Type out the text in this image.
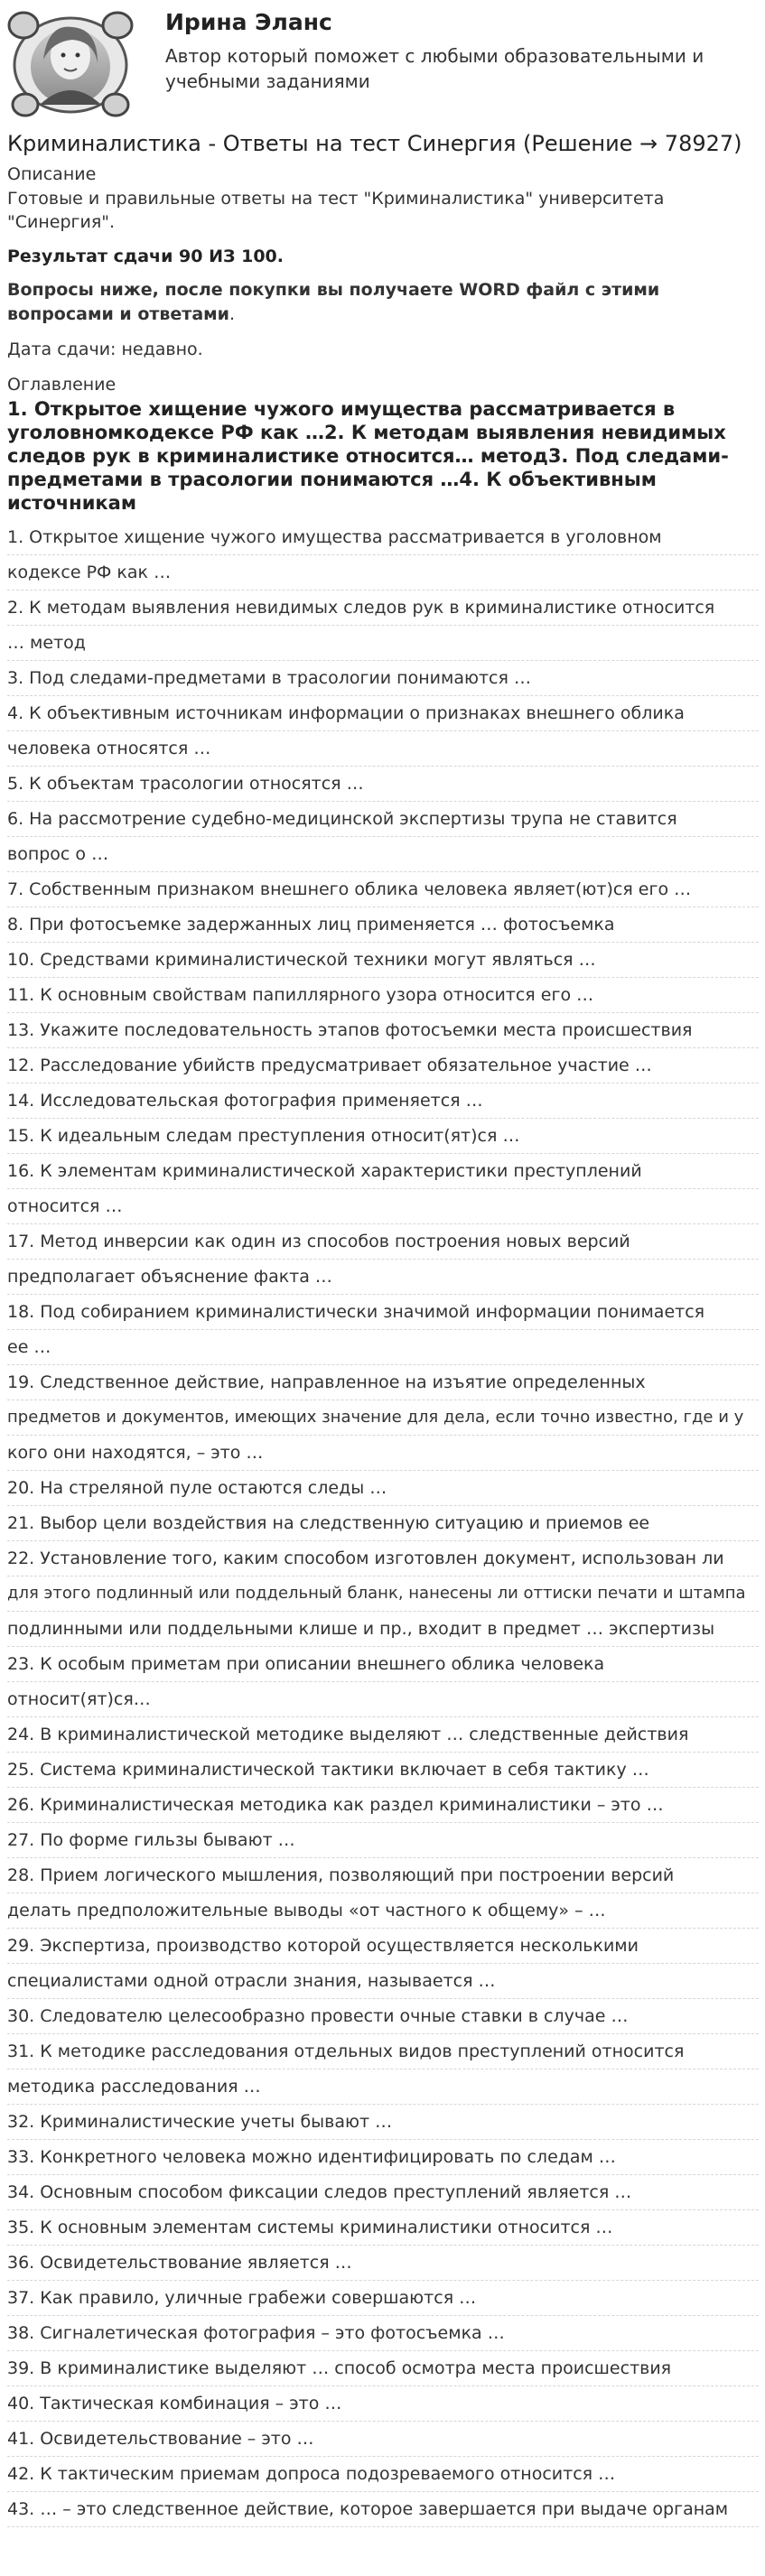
Ирина Эланс
Автор который поможет с любыми образовательными и учебными заданиями
Криминалистика - Ответы на тест Синергия (Решение → 78927)
Описание
Готовые и правильные ответы на тест "Криминалистика" университета "Синергия".
Результат сдачи 90 ИЗ 100.
Вопросы ниже, после покупки вы получаете WORD файл с этими вопросами и ответами.
Дата сдачи: недавно.
Оглавление
1. Открытое хищение чужого имущества рассматривается в уголовномкодексе РФ как …2. К методам выявления невидимых следов рук в криминалистике относится… метод3. Под следами-предметами в трасологии понимаются …4. К объективным источникам
1. Открытое хищение чужого имущества рассматривается в уголовном
кодексе РФ как …
2. К методам выявления невидимых следов рук в криминалистике относится
… метод
3. Под следами-предметами в трасологии понимаются …
4. К объективным источникам информации о признаках внешнего облика
человека относятся …
5. К объектам трасологии относятся …
6. На рассмотрение судебно-медицинской экспертизы трупа не ставится
вопрос о …
7. Собственным признаком внешнего облика человека являет(ют)ся его …
8. При фотосъемке задержанных лиц применяется … фотосъемка
10. Средствами криминалистической техники могут являться …
11. К основным свойствам папиллярного узора относится его …
13. Укажите последовательность этапов фотосъемки места происшествия
12. Расследование убийств предусматривает обязательное участие …
14. Исследовательская фотография применяется …
15. К идеальным следам преступления относит(ят)ся …
16. К элементам криминалистической характеристики преступлений
относится …
17. Метод инверсии как один из способов построения новых версий
предполагает объяснение факта …
18. Под собиранием криминалистически значимой информации понимается
ее …
19. Следственное действие, направленное на изъятие определенных
предметов и документов, имеющих значение для дела, если точно известно, где и у
кого они находятся, – это …
20. На стреляной пуле остаются следы …
21. Выбор цели воздействия на следственную ситуацию и приемов ее
22. Установление того, каким способом изготовлен документ, использован ли
для этого подлинный или поддельный бланк, нанесены ли оттиски печати и штампа
подлинными или поддельными клише и пр., входит в предмет … экспертизы
23. К особым приметам при описании внешнего облика человека
относит(ят)ся…
24. В криминалистической методике выделяют … следственные действия
25. Система криминалистической тактики включает в себя тактику …
26. Криминалистическая методика как раздел криминалистики – это …
27. По форме гильзы бывают …
28. Прием логического мышления, позволяющий при построении версий
делать предположительные выводы «от частного к общему» – …
29. Экспертиза, производство которой осуществляется несколькими
специалистами одной отрасли знания, называется …
30. Следователю целесообразно провести очные ставки в случае …
31. К методике расследования отдельных видов преступлений относится
методика расследования …
32. Криминалистические учеты бывают …
33. Конкретного человека можно идентифицировать по следам …
34. Основным способом фиксации следов преступлений является …
35. К основным элементам системы криминалистики относится …
36. Освидетельствование является …
37. Как правило, уличные грабежи совершаются …
38. Сигналетическая фотография – это фотосъемка …
39. В криминалистике выделяют … способ осмотра места происшествия
40. Тактическая комбинация – это …
41. Освидетельствование – это …
42. К тактическим приемам допроса подозреваемого относится …
43. … – это следственное действие, которое завершается при выдаче органам
